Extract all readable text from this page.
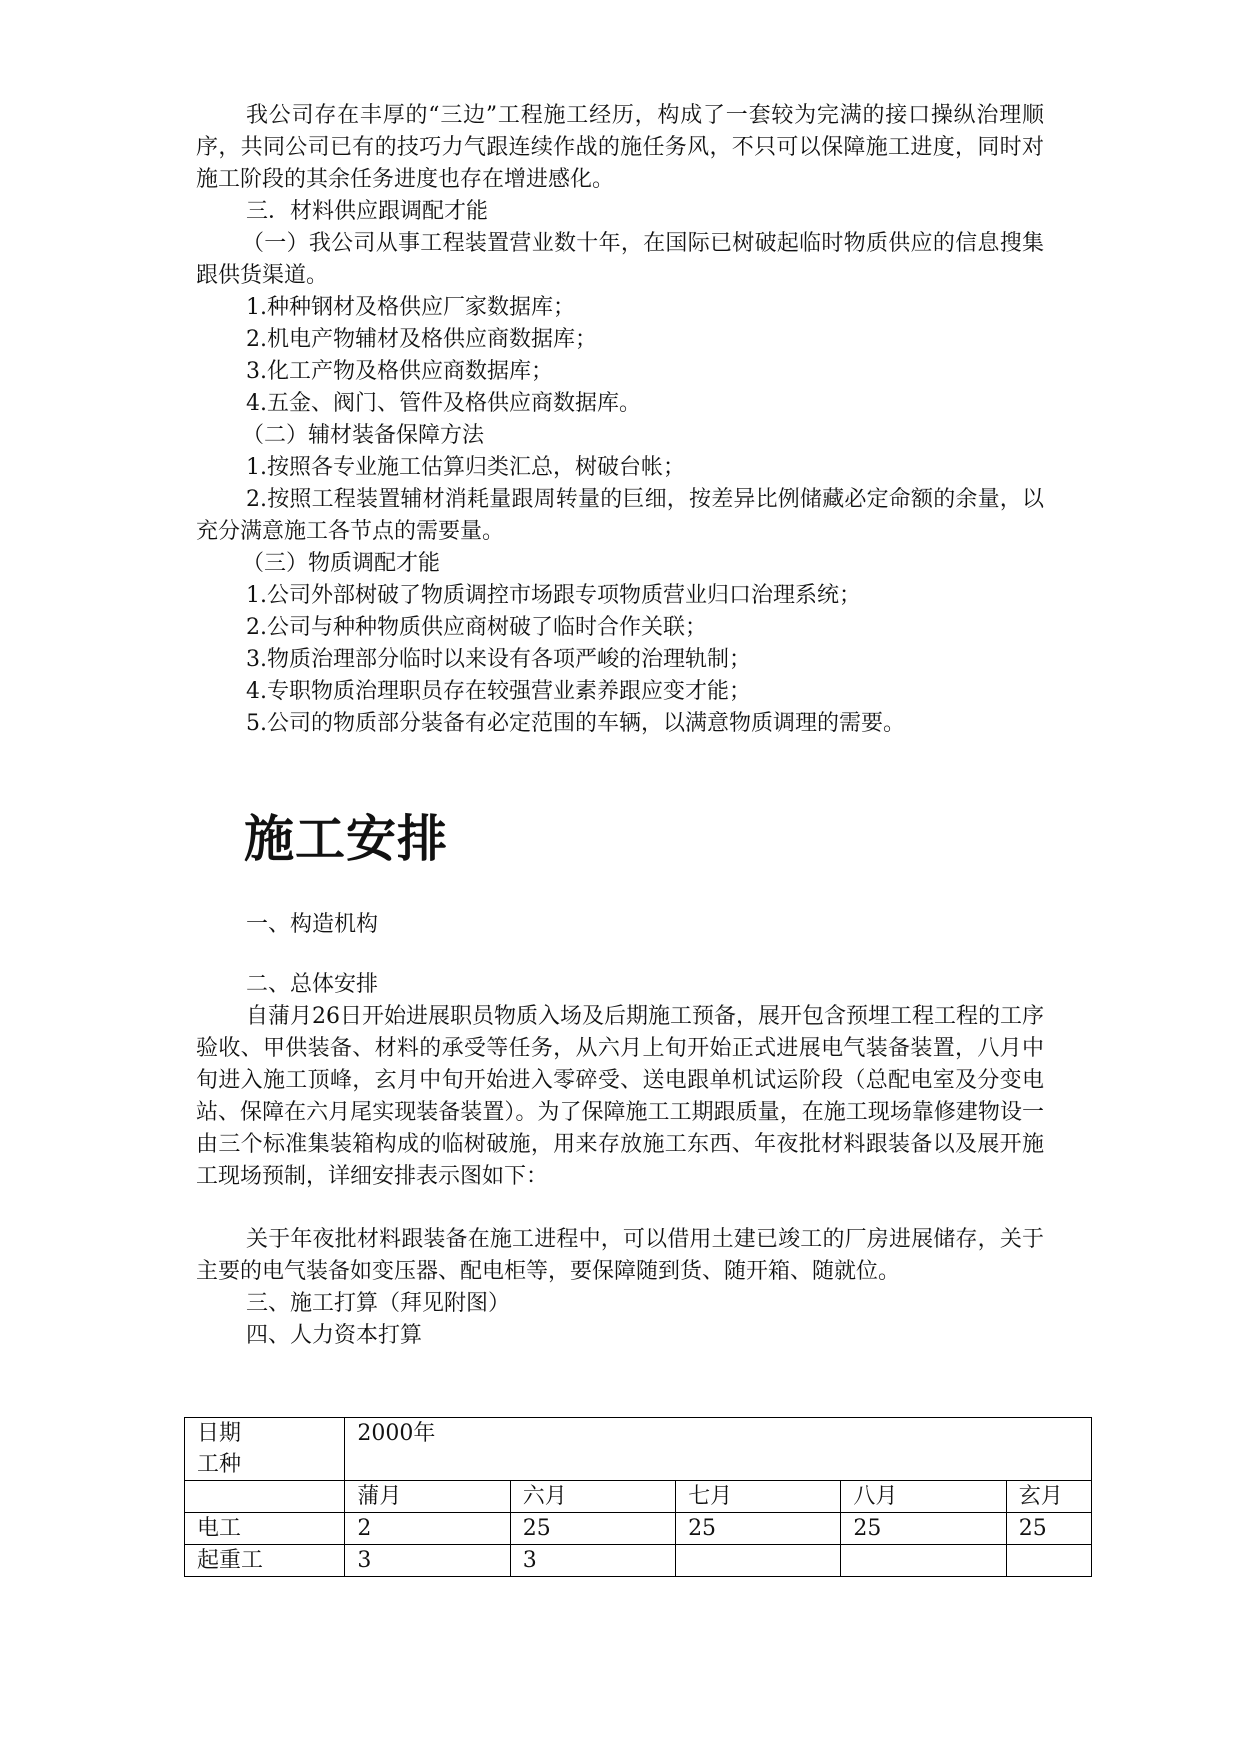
我公司存在丰厚的“三边”工程施工经历，构成了一套较为完满的接口操纵治理顺序，共同公司已有的技巧力气跟连续作战的施任务风，不只可以保障施工进度，同时对施工阶段的其余任务进度也存在增进感化。

三．材料供应跟调配才能

（一）我公司从事工程装置营业数十年，在国际已树破起临时物质供应的信息搜集跟供货渠道。

1.种种钢材及格供应厂家数据库；

2.机电产物辅材及格供应商数据库；

3.化工产物及格供应商数据库；

4.五金、阀门、管件及格供应商数据库。

（二）辅材装备保障方法

1.按照各专业施工估算归类汇总，树破台帐；

2.按照工程装置辅材消耗量跟周转量的巨细，按差异比例储藏必定命额的余量，以充分满意施工各节点的需要量。

（三）物质调配才能

1.公司外部树破了物质调控市场跟专项物质营业归口治理系统；

2.公司与种种物质供应商树破了临时合作关联；

3.物质治理部分临时以来设有各项严峻的治理轨制；

4.专职物质治理职员存在较强营业素养跟应变才能；

5.公司的物质部分装备有必定范围的车辆，以满意物质调理的需要。

施工安排

一、构造机构

二、总体安排

自蒲月26日开始进展职员物质入场及后期施工预备，展开包含预埋工程工程的工序验收、甲供装备、材料的承受等任务，从六月上旬开始正式进展电气装备装置，八月中旬进入施工顶峰，玄月中旬开始进入零碎受、送电跟单机试运阶段（总配电室及分变电站、保障在六月尾实现装备装置）。为了保障施工工期跟质量，在施工现场靠修建物设一由三个标准集装箱构成的临树破施，用来存放施工东西、年夜批材料跟装备以及展开施工现场预制，详细安排表示图如下：

关于年夜批材料跟装备在施工进程中，可以借用土建已竣工的厂房进展储存，关于主要的电气装备如变压器、配电柜等，要保障随到货、随开箱、随就位。

三、施工打算（拜见附图）

四、人力资本打算

日期
工种	2000年				
	蒲月	六月	七月	八月	玄月
电工	2	25	25	25	25
起重工	3	3			
